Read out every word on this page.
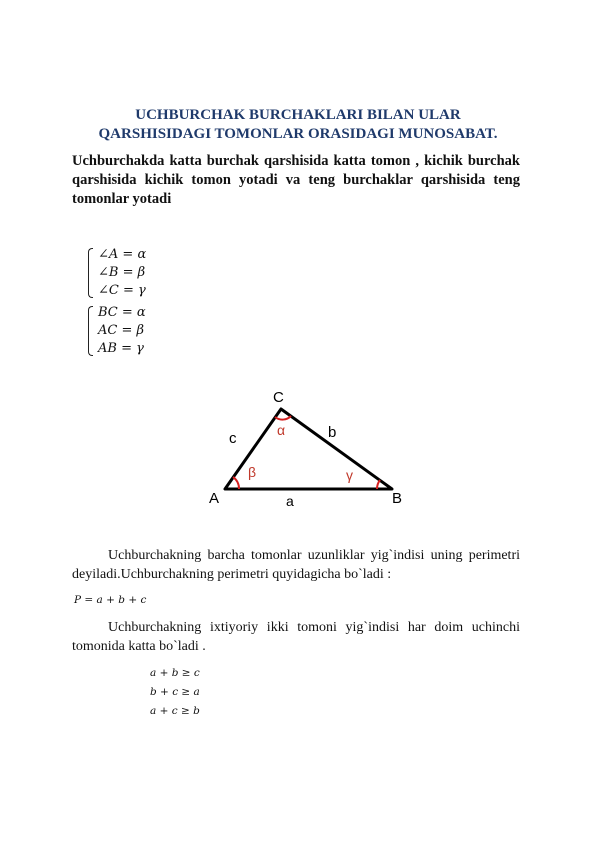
UCHBURCHAK BURCHAKLARI BILAN ULAR
QARSHISIDAGI TOMONLAR ORASIDAGI MUNOSABAT.
Uchburchakda katta burchak qarshisida katta tomon , kichik burchak qarshisida kichik tomon yotadi va teng burchaklar qarshisida teng tomonlar yotadi
∠A = α
∠B = β
∠C = γ
BC = α
AC = β
AB = γ
A	B
C
a
b
c	α
β	γ
Uchburchakning barcha tomonlar uzunliklar yig`indisi uning perimetri deyiladi.Uchburchakning perimetri quyidagicha bo`ladi :
P = a + b + c
Uchburchakning ixtiyoriy ikki tomoni yig`indisi har doim uchinchi tomonida katta bo`ladi .
a + b ≥ c
b + c ≥ a
a + c ≥ b
